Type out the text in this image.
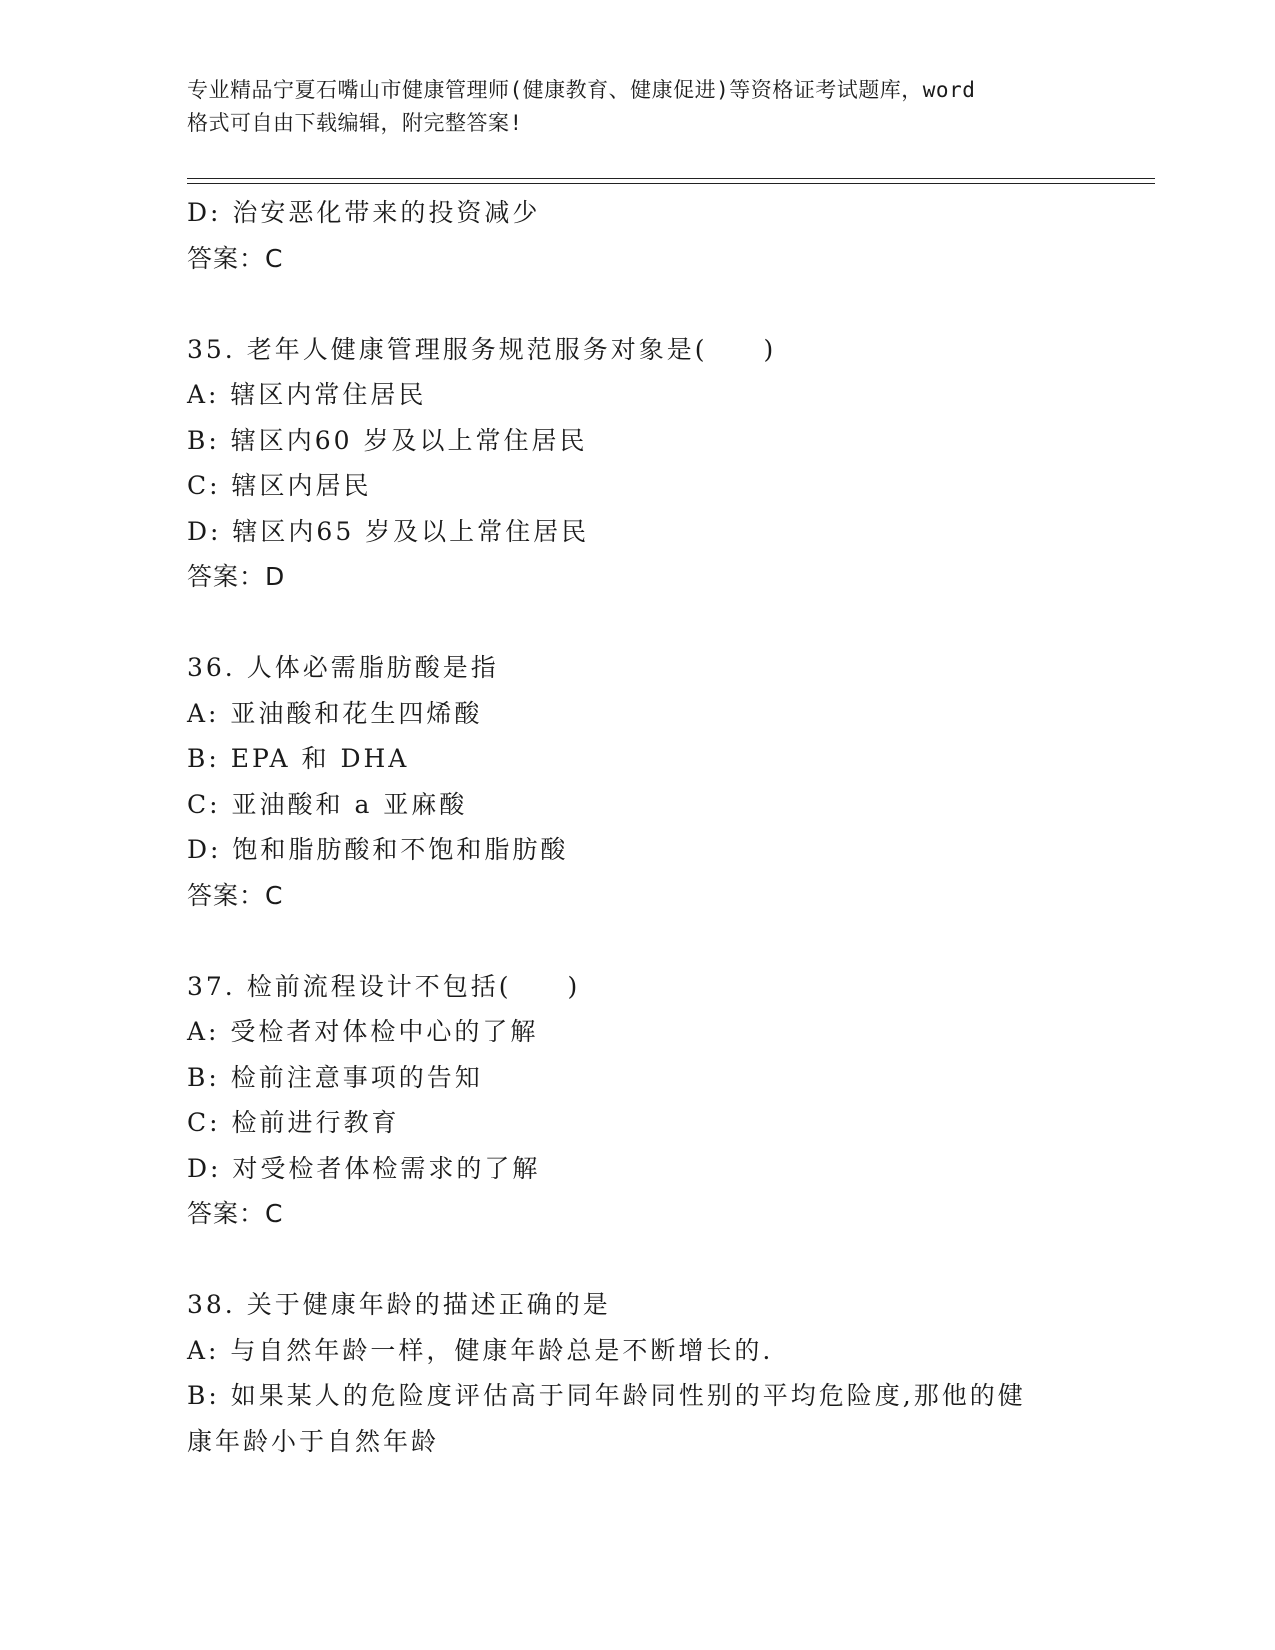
专业精品宁夏石嘴山市健康管理师(健康教育、健康促进)等资格证考试题库，word
格式可自由下载编辑，附完整答案!
D: 治安恶化带来的投资减少
答案：C
35. 老年人健康管理服务规范服务对象是(　　)
A: 辖区内常住居民
B: 辖区内60 岁及以上常住居民
C: 辖区内居民
D: 辖区内65 岁及以上常住居民
答案：D
36. 人体必需脂肪酸是指
A: 亚油酸和花生四烯酸
B: EPA 和 DHA
C: 亚油酸和 a 亚麻酸
D: 饱和脂肪酸和不饱和脂肪酸
答案：C
37. 检前流程设计不包括(　　)
A: 受检者对体检中心的了解
B: 检前注意事项的告知
C: 检前进行教育
D: 对受检者体检需求的了解
答案：C
38. 关于健康年龄的描述正确的是
A: 与自然年龄一样，健康年龄总是不断增长的.
B: 如果某人的危险度评估高于同年龄同性别的平均危险度,那他的健
康年龄小于自然年龄
